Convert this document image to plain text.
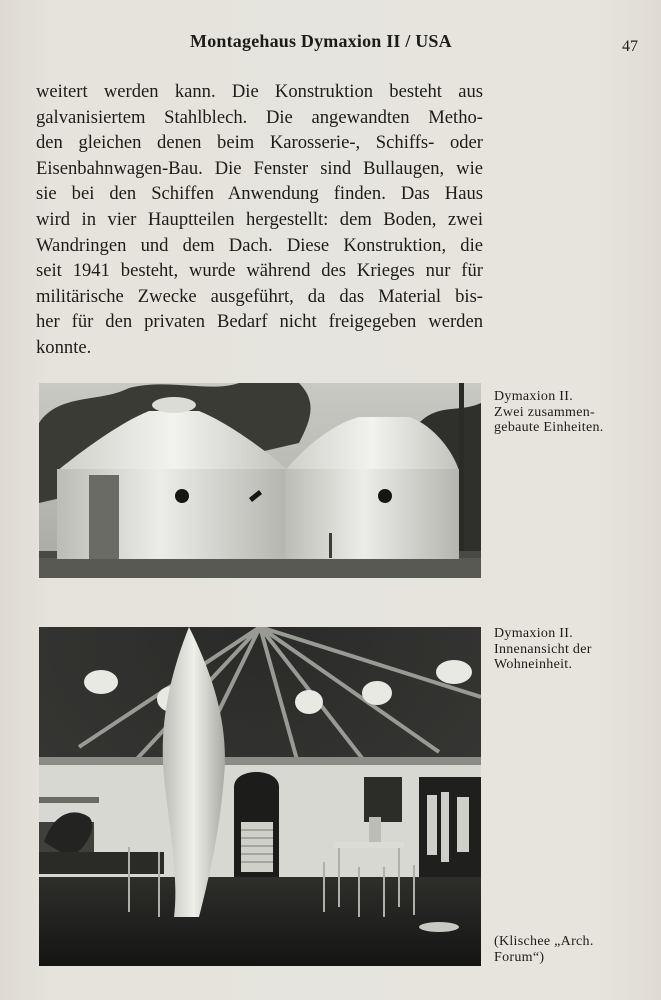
Montagehaus Dymaxion II / USA	47
weitert werden kann. Die Konstruktion besteht aus
galvanisiertem Stahlblech. Die angewandten Metho-
den gleichen denen beim Karosserie-, Schiffs- oder
Eisenbahnwagen-Bau. Die Fenster sind Bullaugen, wie
sie bei den Schiffen Anwendung finden. Das Haus
wird in vier Hauptteilen hergestellt: dem Boden, zwei
Wandringen und dem Dach. Diese Konstruktion, die
seit 1941 besteht, wurde während des Krieges nur für
militärische Zwecke ausgeführt, da das Material bis-
her für den privaten Bedarf nicht freigegeben werden
konnte.
Dymaxion II.
Zwei zusammen-
gebaute Einheiten.
Dymaxion II.
Innenansicht der
Wohneinheit.
(Klischee „Arch.
Forum“)
